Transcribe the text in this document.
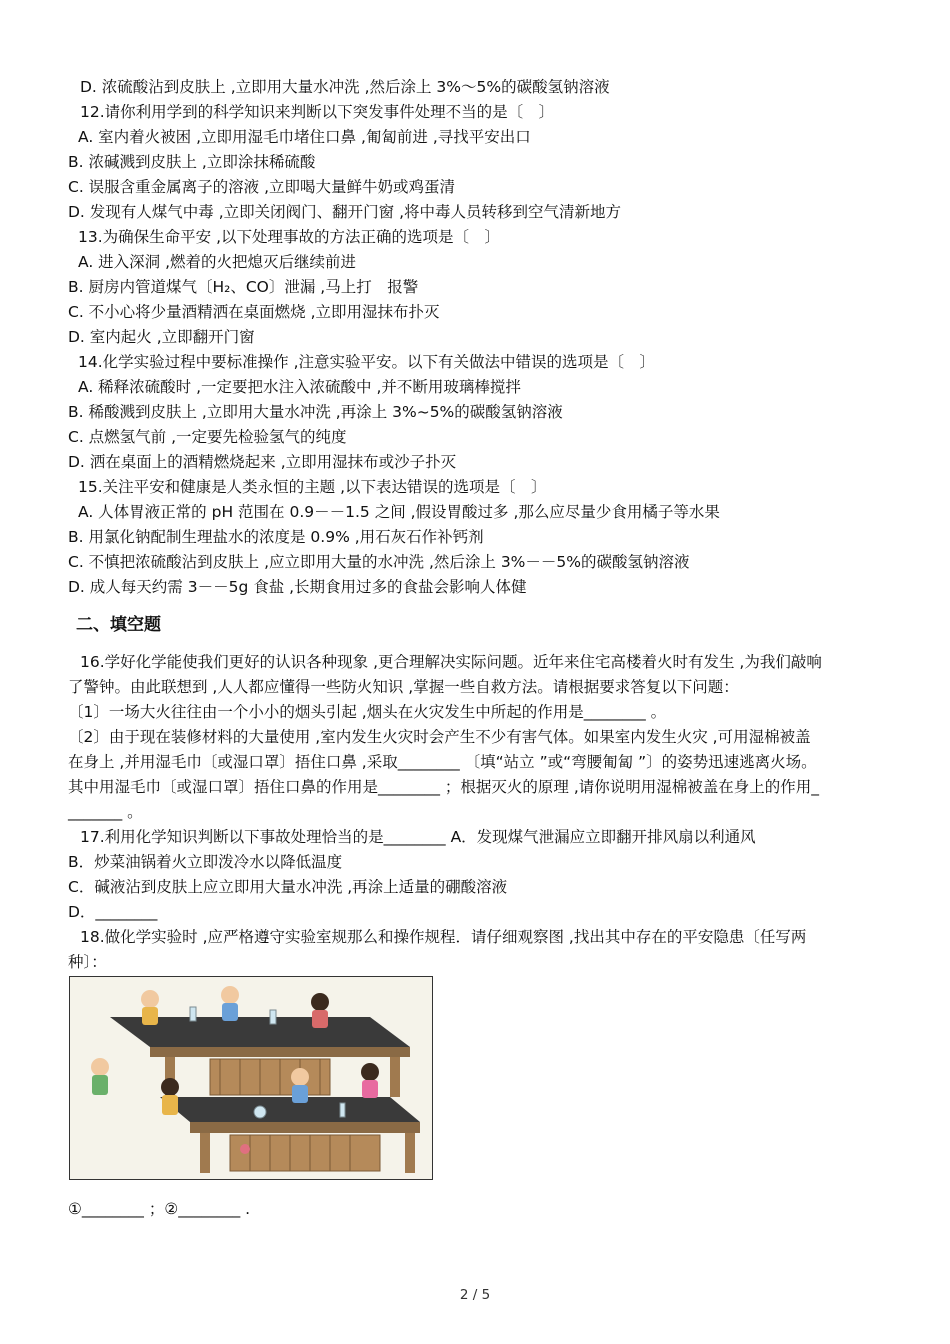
D. 浓硫酸沾到皮肤上 ,立即用大量水冲洗 ,然后涂上 3%～5%的碳酸氢钠溶液
12.请你利用学到的科学知识来判断以下突发事件处理不当的是〔　〕
A. 室内着火被困 ,立即用湿毛巾堵住口鼻 ,匍匐前进 ,寻找平安出口
B. 浓碱溅到皮肤上 ,立即涂抹稀硫酸
C. 误服含重金属离子的溶液 ,立即喝大量鲜牛奶或鸡蛋清
D. 发现有人煤气中毒 ,立即关闭阀门、翻开门窗 ,将中毒人员转移到空气清新地方
13.为确保生命平安 ,以下处理事故的方法正确的选项是〔　〕
A. 进入深洞 ,燃着的火把熄灭后继续前进
B. 厨房内管道煤气〔H₂、CO〕泄漏 ,马上打　报警
C. 不小心将少量酒精洒在桌面燃烧 ,立即用湿抹布扑灭
D. 室内起火 ,立即翻开门窗
14.化学实验过程中要标准操作 ,注意实验平安。以下有关做法中错误的选项是〔　〕
A. 稀释浓硫酸时 ,一定要把水注入浓硫酸中 ,并不断用玻璃棒搅拌
B. 稀酸溅到皮肤上 ,立即用大量水冲洗 ,再涂上 3%~5%的碳酸氢钠溶液
C. 点燃氢气前 ,一定要先检验氢气的纯度
D. 洒在桌面上的酒精燃烧起来 ,立即用湿抹布或沙子扑灭
15.关注平安和健康是人类永恒的主题 ,以下表达错误的选项是〔　〕
A. 人体胃液正常的 pH 范围在 0.9－－1.5 之间 ,假设胃酸过多 ,那么应尽量少食用橘子等水果
B. 用氯化钠配制生理盐水的浓度是 0.9% ,用石灰石作补钙剂
C. 不慎把浓硫酸沾到皮肤上 ,应立即用大量的水冲洗 ,然后涂上 3%－－5%的碳酸氢钠溶液
D. 成人每天约需 3－－5g 食盐 ,长期食用过多的食盐会影响人体健
二、填空题
16.学好化学能使我们更好的认识各种现象 ,更合理解决实际问题。近年来住宅高楼着火时有发生 ,为我们敲响
了警钟。由此联想到 ,人人都应懂得一些防火知识 ,掌握一些自救方法。请根据要求答复以下问题：
〔1〕一场大火往往由一个小小的烟头引起 ,烟头在火灾发生中所起的作用是________ 。
〔2〕由于现在装修材料的大量使用 ,室内发生火灾时会产生不少有害气体。如果室内发生火灾 ,可用湿棉被盖
在身上 ,并用湿毛巾〔或湿口罩〕捂住口鼻 ,采取________ 〔填“站立 ”或“弯腰匍匐 ”〕的姿势迅速逃离火场。
其中用湿毛巾〔或湿口罩〕捂住口鼻的作用是________ ；根据灭火的原理 ,请你说明用湿棉被盖在身上的作用_
_______ 。
17.利用化学知识判断以下事故处理恰当的是________ A．发现煤气泄漏应立即翻开排风扇以利通风
B．炒菜油锅着火立即泼冷水以降低温度
C．碱液沾到皮肤上应立即用大量水冲洗 ,再涂上适量的硼酸溶液
D．________
18.做化学实验时 ,应严格遵守实验室规那么和操作规程．请仔细观察图 ,找出其中存在的平安隐患〔任写两
种〕：
①________ ；②________ .
2 / 5
